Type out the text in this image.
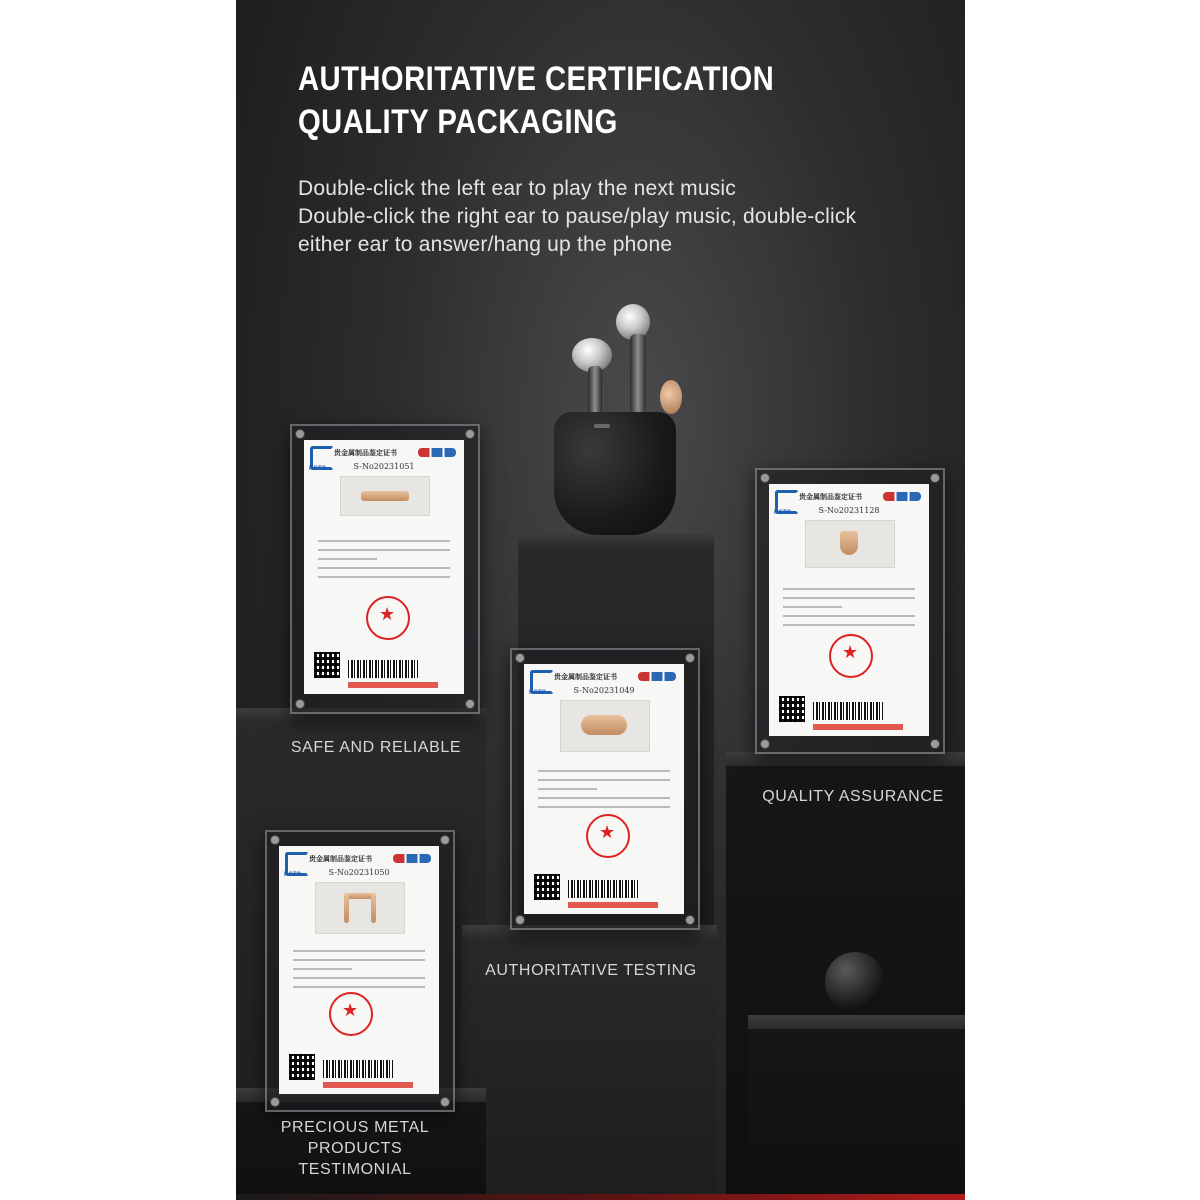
AUTHORITATIVE CERTIFICATION
QUALITY PACKAGING
Double-click the left ear to play the next music
Double-click the right ear to pause/play music, double-click
either ear to answer/hang up the phone
NGTC
贵金属制品鉴定证书
S-No20231051
★
NGTC
贵金属制品鉴定证书
S-No20231128
★
NGTC
贵金属制品鉴定证书
S-No20231049
★
NGTC
贵金属制品鉴定证书
S-No20231050
★
SAFE AND RELIABLE
QUALITY ASSURANCE
AUTHORITATIVE TESTING
PRECIOUS METAL
PRODUCTS
TESTIMONIAL
